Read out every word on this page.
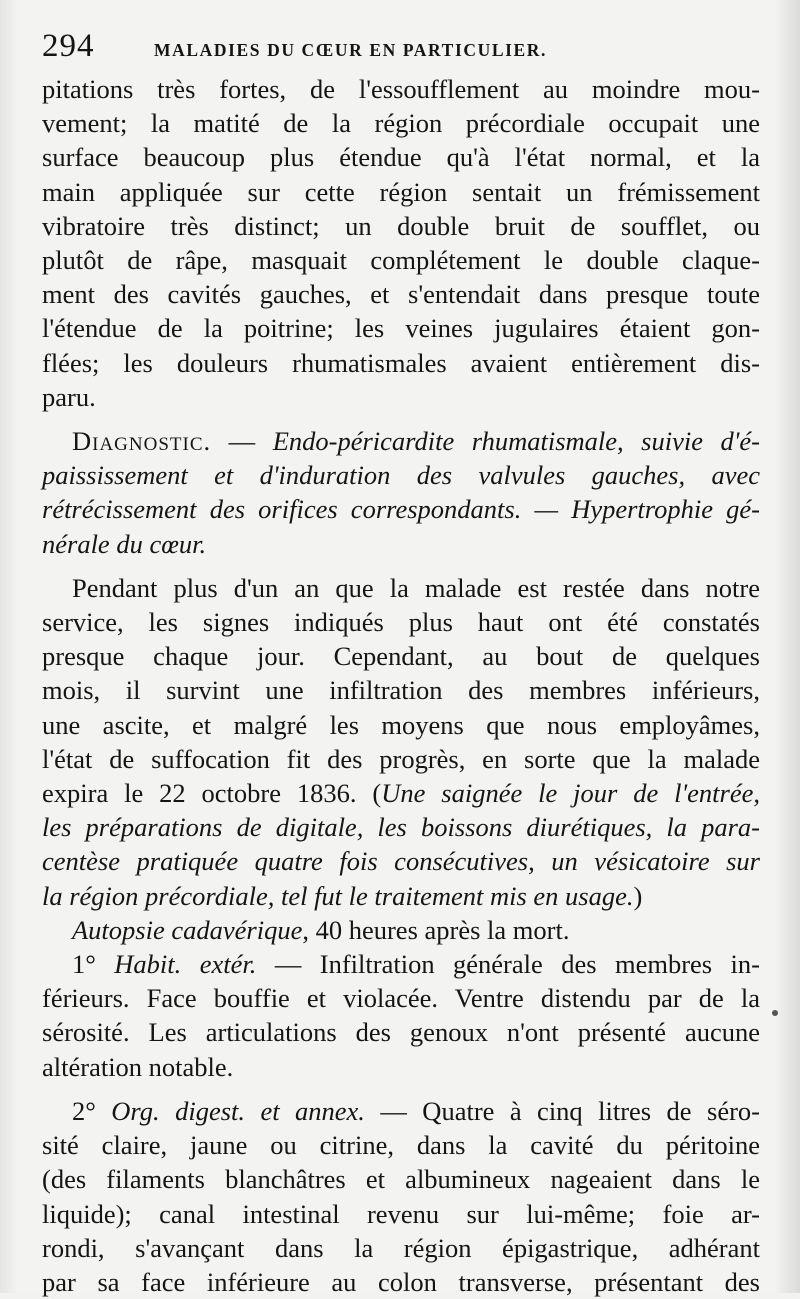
294	MALADIES DU CŒUR EN PARTICULIER.

pitations très fortes, de l'essoufflement au moindre mou-

vement; la matité de la région précordiale occupait une

surface beaucoup plus étendue qu'à l'état normal, et la

main appliquée sur cette région sentait un frémissement

vibratoire très distinct; un double bruit de soufflet, ou

plutôt de râpe, masquait complétement le double claque-

ment des cavités gauches, et s'entendait dans presque toute

l'étendue de la poitrine; les veines jugulaires étaient gon-

flées; les douleurs rhumatismales avaient entièrement dis-

paru.

Diagnostic. — Endo-péricardite rhumatismale, suivie d'é-

paississement et d'induration des valvules gauches, avec

rétrécissement des orifices correspondants. — Hypertrophie gé-

nérale du cœur.

Pendant plus d'un an que la malade est restée dans notre

service, les signes indiqués plus haut ont été constatés

presque chaque jour. Cependant, au bout de quelques

mois, il survint une infiltration des membres inférieurs,

une ascite, et malgré les moyens que nous employâmes,

l'état de suffocation fit des progrès, en sorte que la malade

expira le 22 octobre 1836. (Une saignée le jour de l'entrée,

les préparations de digitale, les boissons diurétiques, la para-

centèse pratiquée quatre fois consécutives, un vésicatoire sur

la région précordiale, tel fut le traitement mis en usage.)

Autopsie cadavérique, 40 heures après la mort.

1° Habit. extér. — Infiltration générale des membres in-

férieurs. Face bouffie et violacée. Ventre distendu par de la

sérosité. Les articulations des genoux n'ont présenté aucune

altération notable.

2° Org. digest. et annex. — Quatre à cinq litres de séro-

sité claire, jaune ou citrine, dans la cavité du péritoine

(des filaments blanchâtres et albumineux nageaient dans le

liquide); canal intestinal revenu sur lui-même; foie ar-

rondi, s'avançant dans la région épigastrique, adhérant

par sa face inférieure au colon transverse, présentant des
